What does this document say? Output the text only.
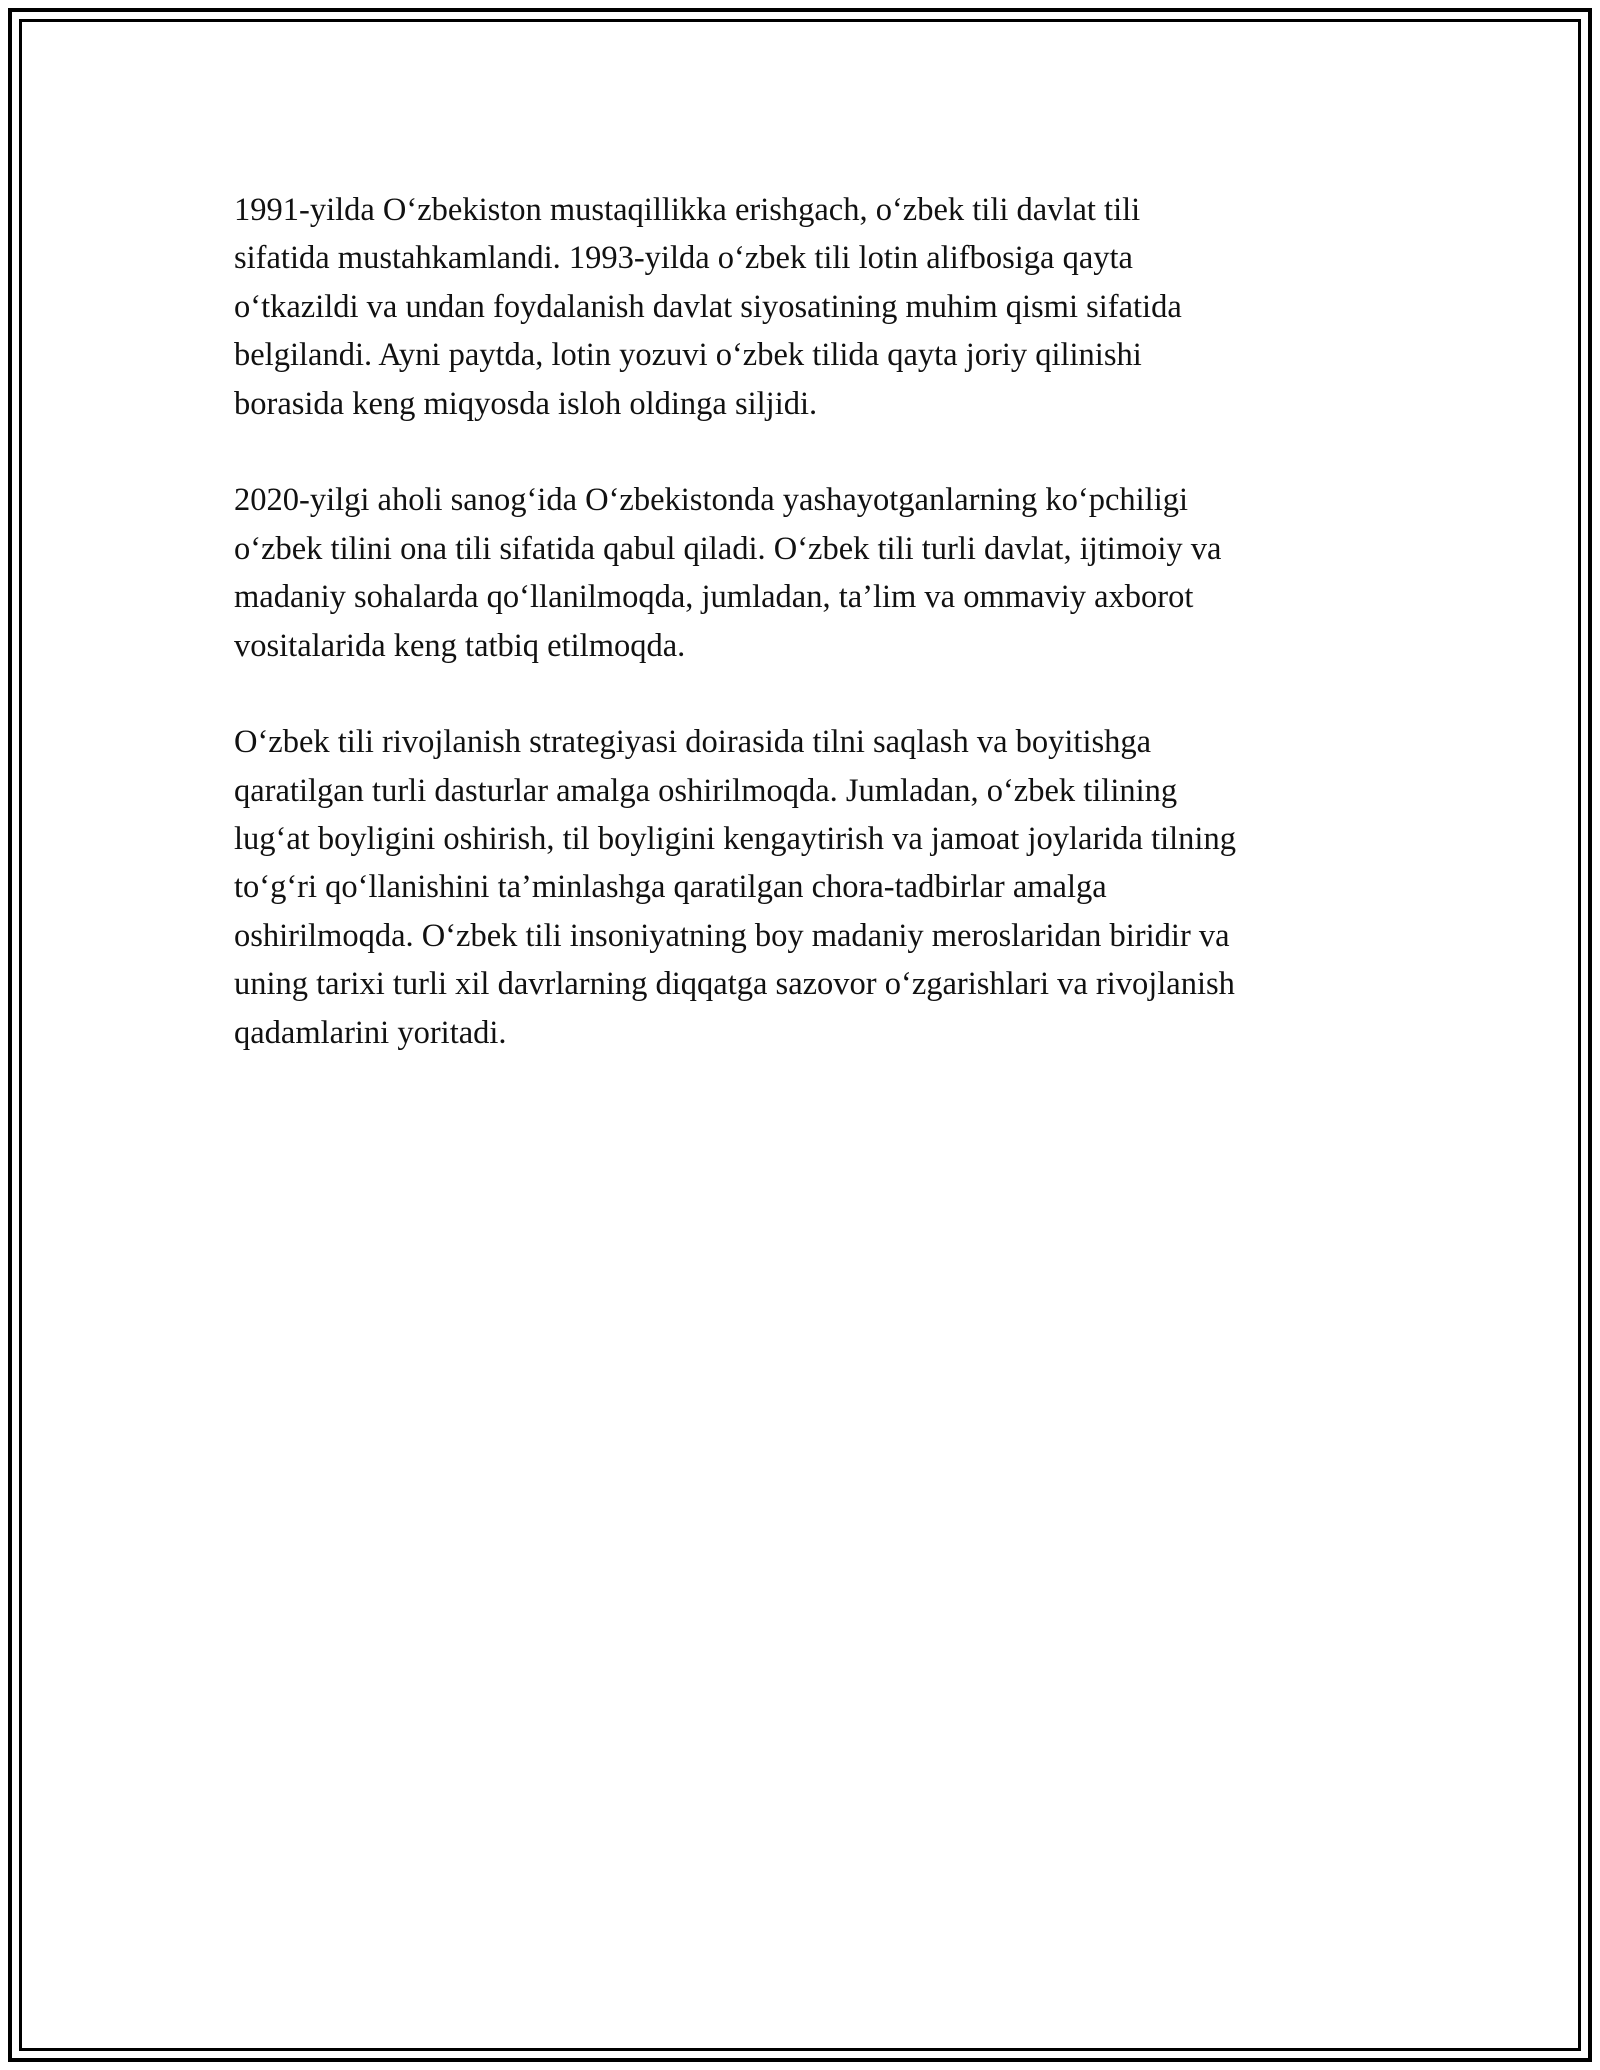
1991-yilda O‘zbekiston mustaqillikka erishgach, o‘zbek tili davlat tili
sifatida mustahkamlandi. 1993-yilda o‘zbek tili lotin alifbosiga qayta
o‘tkazildi va undan foydalanish davlat siyosatining muhim qismi sifatida
belgilandi. Ayni paytda, lotin yozuvi o‘zbek tilida qayta joriy qilinishi
borasida keng miqyosda isloh oldinga siljidi.

2020-yilgi aholi sanog‘ida O‘zbekistonda yashayotganlarning ko‘pchiligi
o‘zbek tilini ona tili sifatida qabul qiladi. O‘zbek tili turli davlat, ijtimoiy va
madaniy sohalarda qo‘llanilmoqda, jumladan, ta’lim va ommaviy axborot
vositalarida keng tatbiq etilmoqda.

O‘zbek tili rivojlanish strategiyasi doirasida tilni saqlash va boyitishga
qaratilgan turli dasturlar amalga oshirilmoqda. Jumladan, o‘zbek tilining
lug‘at boyligini oshirish, til boyligini kengaytirish va jamoat joylarida tilning
to‘g‘ri qo‘llanishini ta’minlashga qaratilgan chora-tadbirlar amalga
oshirilmoqda. O‘zbek tili insoniyatning boy madaniy meroslaridan biridir va
uning tarixi turli xil davrlarning diqqatga sazovor o‘zgarishlari va rivojlanish
qadamlarini yoritadi.
